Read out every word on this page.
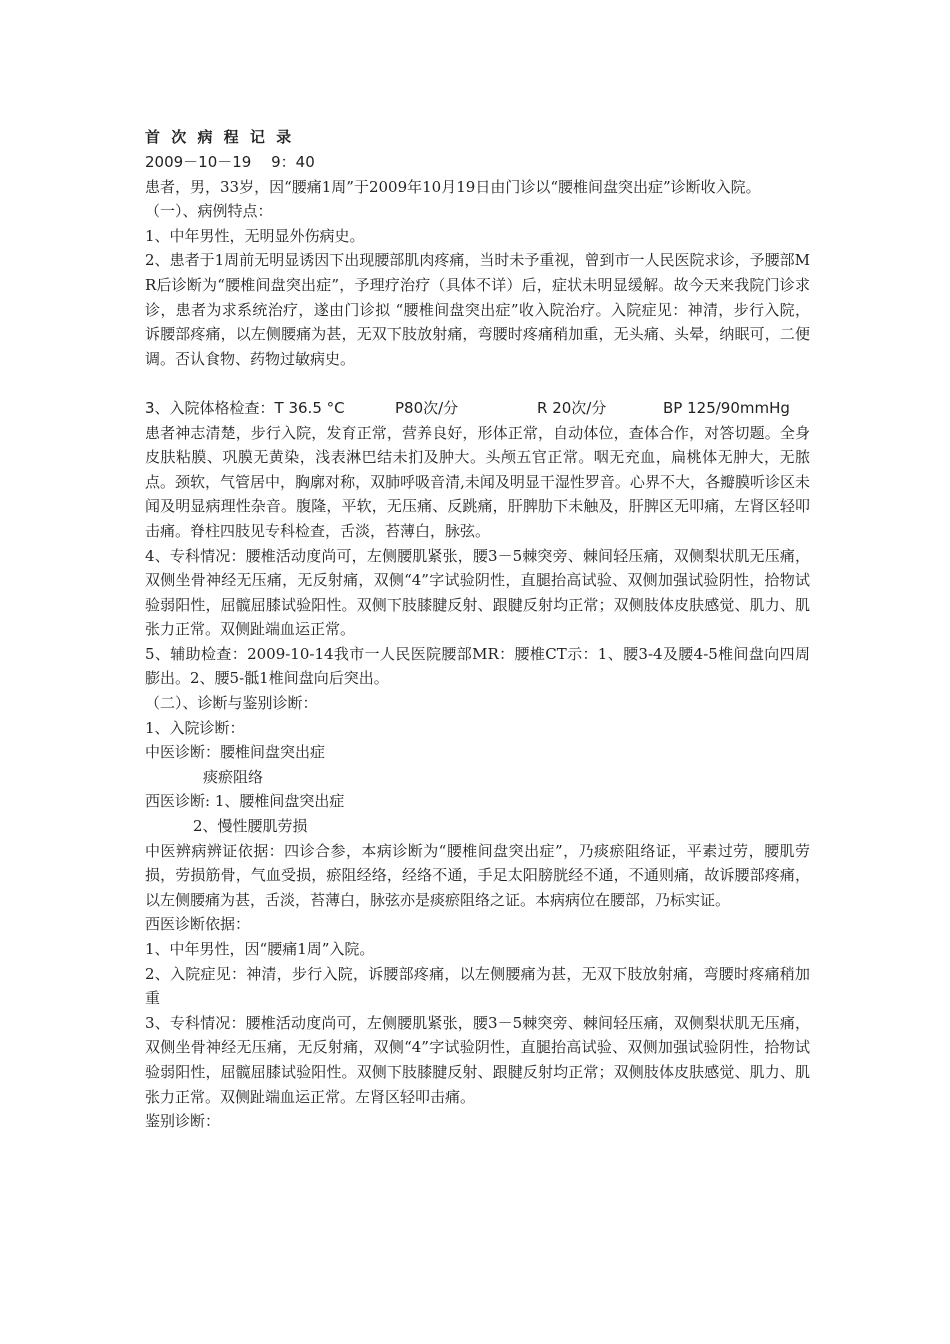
首 次 病 程 记 录

2009－10－19　 9：40

患者，男，33岁，因“腰痛1周”于2009年10月19日由门诊以“腰椎间盘突出症”诊断收入院。

（一）、病例特点：

1、中年男性，无明显外伤病史。

2、患者于1周前无明显诱因下出现腰部肌肉疼痛，当时未予重视，曾到市一人民医院求诊，予腰部MR后诊断为“腰椎间盘突出症”，予理疗治疗（具体不详）后，症状未明显缓解。故今天来我院门诊求诊，患者为求系统治疗，遂由门诊拟 “腰椎间盘突出症”收入院治疗。入院症见：神清，步行入院，诉腰部疼痛，以左侧腰痛为甚，无双下肢放射痛，弯腰时疼痛稍加重，无头痛、头晕，纳眠可，二便调。否认食物、药物过敏病史。

3、入院体格检查：T 36.5 °C	P80次/分	R 20次/分	BP 125/90mmHg

患者神志清楚，步行入院，发育正常，营养良好，形体正常，自动体位，查体合作，对答切题。全身皮肤粘膜、巩膜无黄染，浅表淋巴结未扪及肿大。头颅五官正常。咽无充血，扁桃体无肿大，无脓点。颈软，气管居中，胸廓对称，双肺呼吸音清,未闻及明显干湿性罗音。心界不大，各瓣膜听诊区未闻及明显病理性杂音。腹隆，平软，无压痛、反跳痛，肝脾肋下未触及，肝脾区无叩痛，左肾区轻叩击痛。脊柱四肢见专科检查，舌淡，苔薄白，脉弦。

4、专科情况：腰椎活动度尚可，左侧腰肌紧张，腰3－5棘突旁、棘间轻压痛，双侧梨状肌无压痛，双侧坐骨神经无压痛，无反射痛，双侧“4”字试验阴性，直腿抬高试验、双侧加强试验阴性，拾物试验弱阳性，屈髋屈膝试验阳性。双侧下肢膝腱反射、跟腱反射均正常；双侧肢体皮肤感觉、肌力、肌张力正常。双侧趾端血运正常。

5、辅助检查：2009-10-14我市一人民医院腰部MR：腰椎CT示：1、腰3-4及腰4-5椎间盘向四周膨出。2、腰5-骶1椎间盘向后突出。

（二）、诊断与鉴别诊断：

1、入院诊断：

中医诊断：腰椎间盘突出症

痰瘀阻络

西医诊断: 1、腰椎间盘突出症

2、慢性腰肌劳损

中医辨病辨证依据：四诊合参，本病诊断为“腰椎间盘突出症”，乃痰瘀阻络证，平素过劳，腰肌劳损，劳损筋骨，气血受损，瘀阻经络，经络不通，手足太阳膀胱经不通，不通则痛，故诉腰部疼痛，以左侧腰痛为甚，舌淡，苔薄白，脉弦亦是痰瘀阻络之证。本病病位在腰部，乃标实证。

西医诊断依据：

1、中年男性，因“腰痛1周”入院。

2、入院症见：神清，步行入院，诉腰部疼痛，以左侧腰痛为甚，无双下肢放射痛，弯腰时疼痛稍加重

3、专科情况：腰椎活动度尚可，左侧腰肌紧张，腰3－5棘突旁、棘间轻压痛，双侧梨状肌无压痛，双侧坐骨神经无压痛，无反射痛，双侧“4”字试验阴性，直腿抬高试验、双侧加强试验阴性，拾物试验弱阳性，屈髋屈膝试验阳性。双侧下肢膝腱反射、跟腱反射均正常；双侧肢体皮肤感觉、肌力、肌张力正常。双侧趾端血运正常。左肾区轻叩击痛。

鉴别诊断：
